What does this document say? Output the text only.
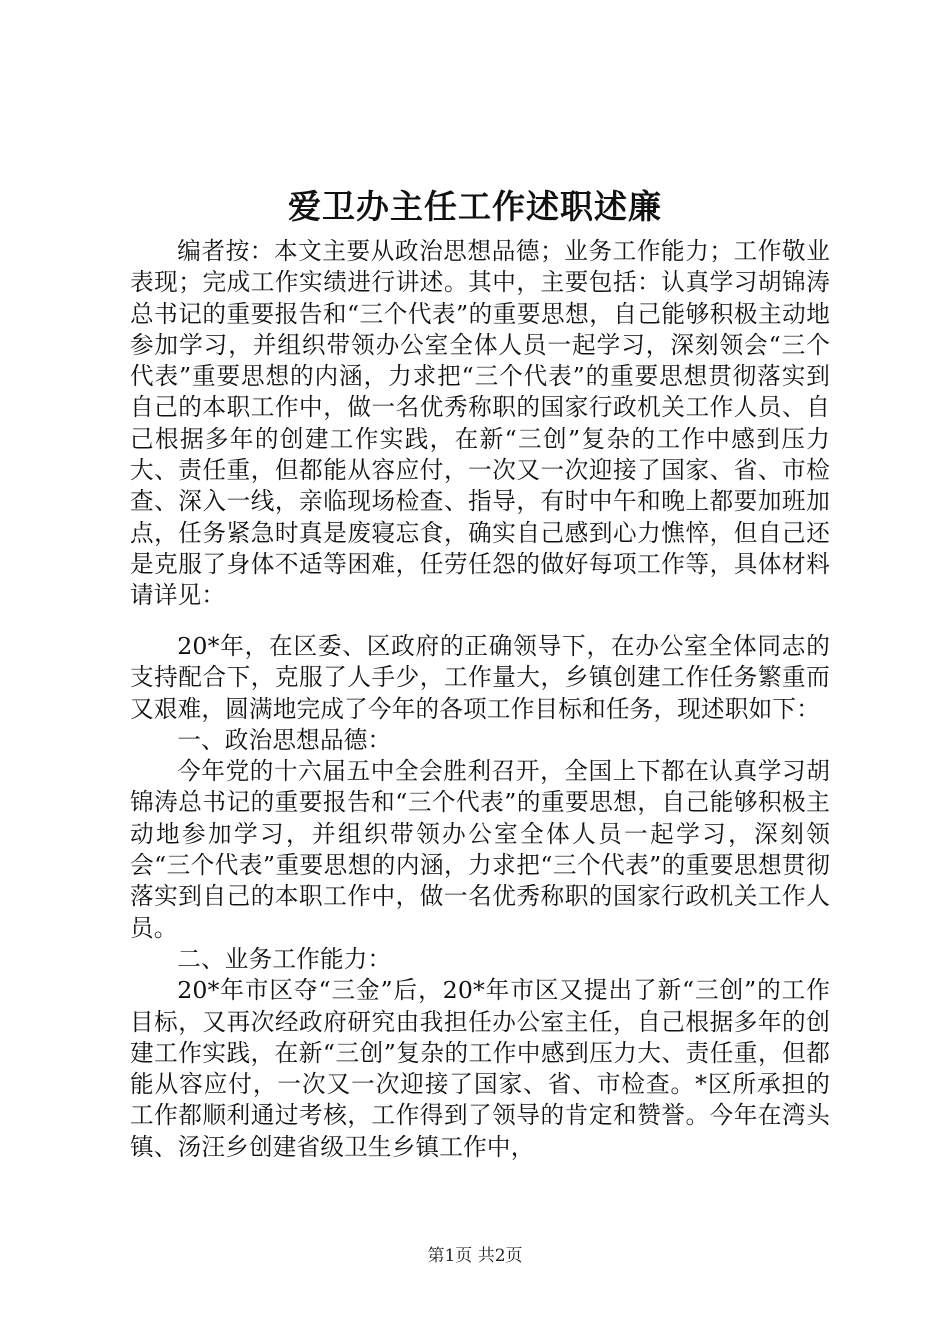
爱卫办主任工作述职述廉

编者按：本文主要从政治思想品德；业务工作能力；工作敬业表现；完成工作实绩进行讲述。其中，主要包括：认真学习胡锦涛总书记的重要报告和“三个代表”的重要思想，自己能够积极主动地参加学习，并组织带领办公室全体人员一起学习，深刻领会“三个代表”重要思想的内涵，力求把“三个代表”的重要思想贯彻落实到自己的本职工作中，做一名优秀称职的国家行政机关工作人员、自己根据多年的创建工作实践，在新“三创”复杂的工作中感到压力大、责任重，但都能从容应付，一次又一次迎接了国家、省、市检查、深入一线，亲临现场检查、指导，有时中午和晚上都要加班加点，任务紧急时真是废寝忘食，确实自己感到心力憔悴，但自己还是克服了身体不适等困难，任劳任怨的做好每项工作等，具体材料请详见：

20*年，在区委、区政府的正确领导下，在办公室全体同志的支持配合下，克服了人手少，工作量大，乡镇创建工作任务繁重而又艰难，圆满地完成了今年的各项工作目标和任务，现述职如下：

一、政治思想品德：

今年党的十六届五中全会胜利召开，全国上下都在认真学习胡锦涛总书记的重要报告和“三个代表”的重要思想，自己能够积极主动地参加学习，并组织带领办公室全体人员一起学习，深刻领会“三个代表”重要思想的内涵，力求把“三个代表”的重要思想贯彻落实到自己的本职工作中，做一名优秀称职的国家行政机关工作人员。

二、业务工作能力：

20*年市区夺“三金”后，20*年市区又提出了新“三创”的工作目标，又再次经政府研究由我担任办公室主任，自己根据多年的创建工作实践，在新“三创”复杂的工作中感到压力大、责任重，但都能从容应付，一次又一次迎接了国家、省、市检查。*区所承担的工作都顺利通过考核，工作得到了领导的肯定和赞誉。今年在湾头镇、汤汪乡创建省级卫生乡镇工作中，

第1页 共2页
